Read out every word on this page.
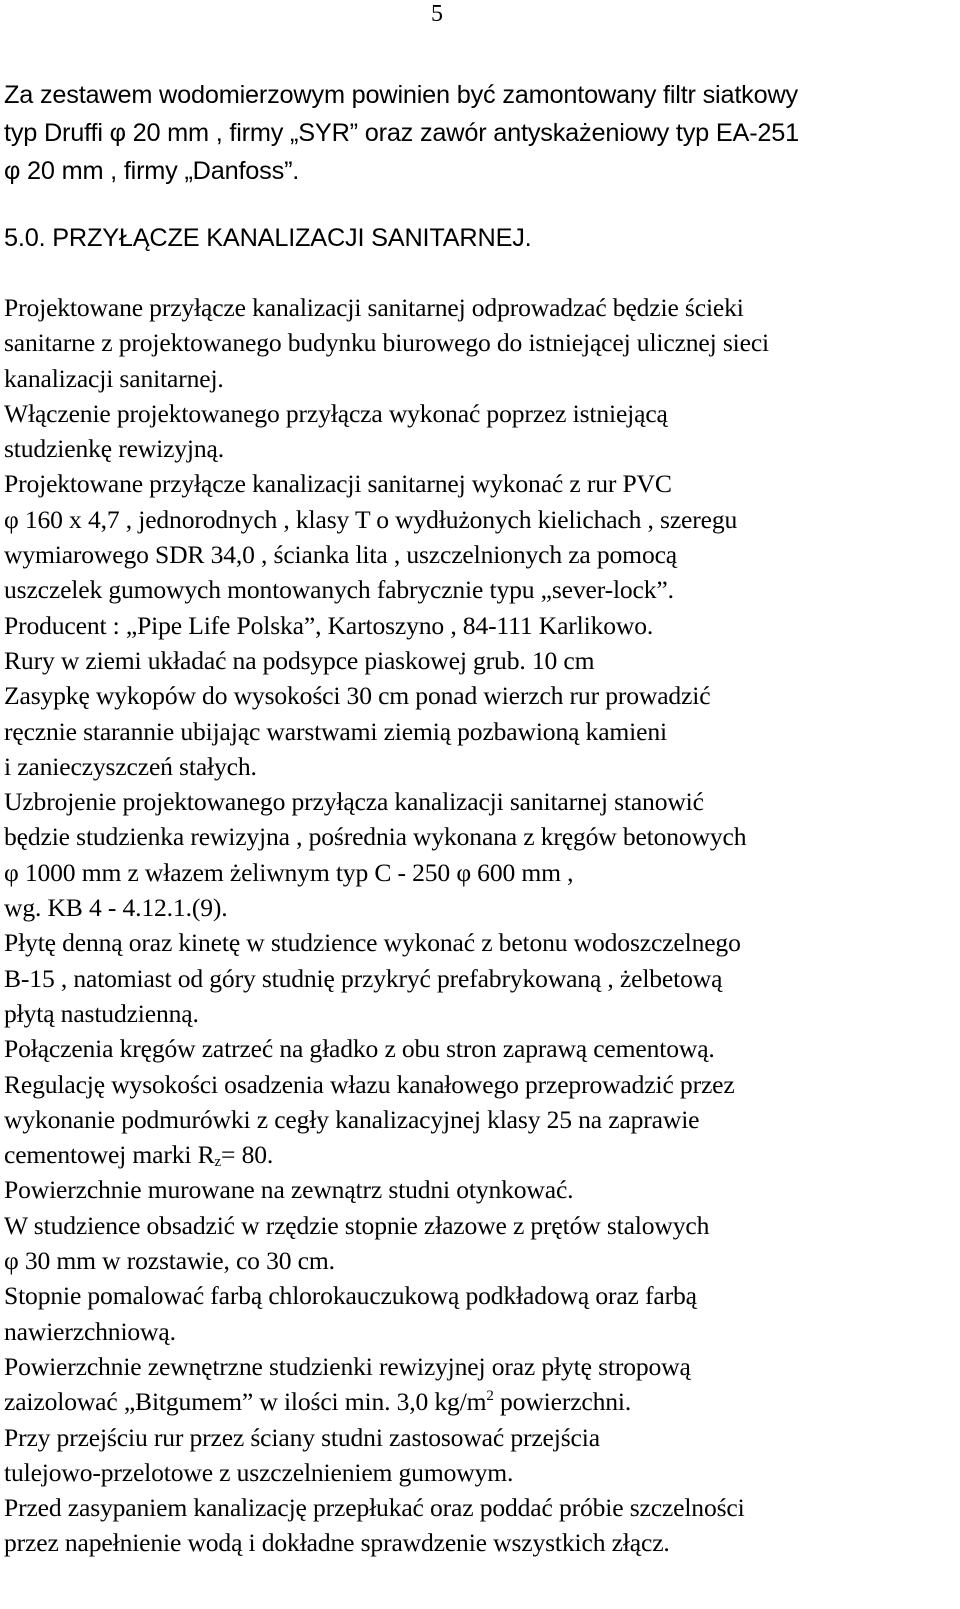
5
Za zestawem wodomierzowym powinien być zamontowany filtr siatkowy
typ Druffi φ 20 mm , firmy „SYR” oraz zawór antyskażeniowy typ EA-251
φ 20 mm , firmy „Danfoss”.
5.0. PRZYŁĄCZE KANALIZACJI SANITARNEJ.
Projektowane przyłącze kanalizacji sanitarnej odprowadzać będzie ścieki
sanitarne z projektowanego budynku biurowego do istniejącej ulicznej sieci
kanalizacji sanitarnej.
Włączenie projektowanego przyłącza wykonać poprzez istniejącą
studzienkę rewizyjną.
Projektowane przyłącze kanalizacji sanitarnej wykonać z rur PVC
φ 160 x 4,7 , jednorodnych , klasy T o wydłużonych kielichach , szeregu
wymiarowego SDR 34,0 , ścianka lita , uszczelnionych za pomocą
uszczelek gumowych montowanych fabrycznie typu „sever-lock”.
Producent : „Pipe Life Polska”, Kartoszyno , 84-111 Karlikowo.
Rury w ziemi układać na podsypce piaskowej grub. 10 cm
Zasypkę wykopów do wysokości 30 cm ponad wierzch rur prowadzić
ręcznie starannie ubijając warstwami ziemią pozbawioną kamieni
i zanieczyszczeń stałych.
Uzbrojenie projektowanego przyłącza kanalizacji sanitarnej stanowić
będzie studzienka rewizyjna , pośrednia wykonana z kręgów betonowych
φ 1000 mm z włazem żeliwnym typ C - 250 φ 600 mm ,
wg. KB 4 - 4.12.1.(9).
Płytę denną oraz kinetę w studzience wykonać z betonu wodoszczelnego
B-15 , natomiast od góry studnię przykryć prefabrykowaną , żelbetową
płytą nastudzienną.
Połączenia kręgów zatrzeć na gładko z obu stron zaprawą cementową.
Regulację wysokości osadzenia włazu kanałowego przeprowadzić przez
wykonanie podmurówki z cegły kanalizacyjnej klasy 25 na zaprawie
cementowej marki $R_z= 80$.
Powierzchnie murowane na zewnątrz studni otynkować.
W studzience obsadzić w rzędzie stopnie złazowe z prętów stalowych
φ 30 mm w rozstawie, co 30 cm.
Stopnie pomalować farbą chlorokauczukową podkładową oraz farbą
nawierzchniową.
Powierzchnie zewnętrzne studzienki rewizyjnej oraz płytę stropową
zaizolować „Bitgumem” w ilości min. 3,0 $kg/m^2$ powierzchni.
Przy przejściu rur przez ściany studni zastosować przejścia
tulejowo-przelotowe z uszczelnieniem gumowym.
Przed zasypaniem kanalizację przepłukać oraz poddać próbie szczelności
przez napełnienie wodą i dokładne sprawdzenie wszystkich złącz.
